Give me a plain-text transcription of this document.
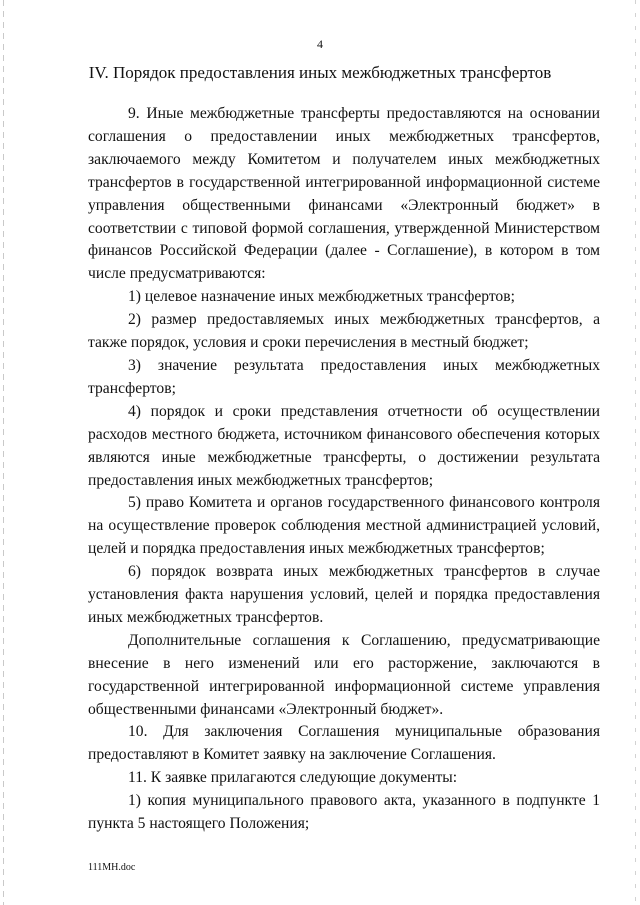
4
IV. Порядок предоставления иных межбюджетных трансфертов

9. Иные межбюджетные трансферты предоставляются на основании соглашения о предоставлении иных межбюджетных трансфертов, заключаемого между Комитетом и получателем иных межбюджетных трансфертов в государственной интегрированной информационной системе управления общественными финансами «Электронный бюджет» в соответствии с типовой формой соглашения, утвержденной Министерством финансов Российской Федерации (далее - Соглашение), в котором в том числе предусматриваются:

1) целевое назначение иных межбюджетных трансфертов;

2) размер предоставляемых иных межбюджетных трансфертов, а также порядок, условия и сроки перечисления в местный бюджет;

3) значение результата предоставления иных межбюджетных трансфертов;

4) порядок и сроки представления отчетности об осуществлении расходов местного бюджета, источником финансового обеспечения которых являются иные межбюджетные трансферты, о достижении результата предоставления иных межбюджетных трансфертов;

5) право Комитета и органов государственного финансового контроля на осуществление проверок соблюдения местной администрацией условий, целей и порядка предоставления иных межбюджетных трансфертов;

6) порядок возврата иных межбюджетных трансфертов в случае установления факта нарушения условий, целей и порядка предоставления иных межбюджетных трансфертов.

Дополнительные соглашения к Соглашению, предусматривающие внесение в него изменений или его расторжение, заключаются в государственной интегрированной информационной системе управления общественными финансами «Электронный бюджет».

10. Для заключения Соглашения муниципальные образования предоставляют в Комитет заявку на заключение Соглашения.

11. К заявке прилагаются следующие документы:

1) копия муниципального правового акта, указанного в подпункте 1 пункта 5 настоящего Положения;

111MH.doc
